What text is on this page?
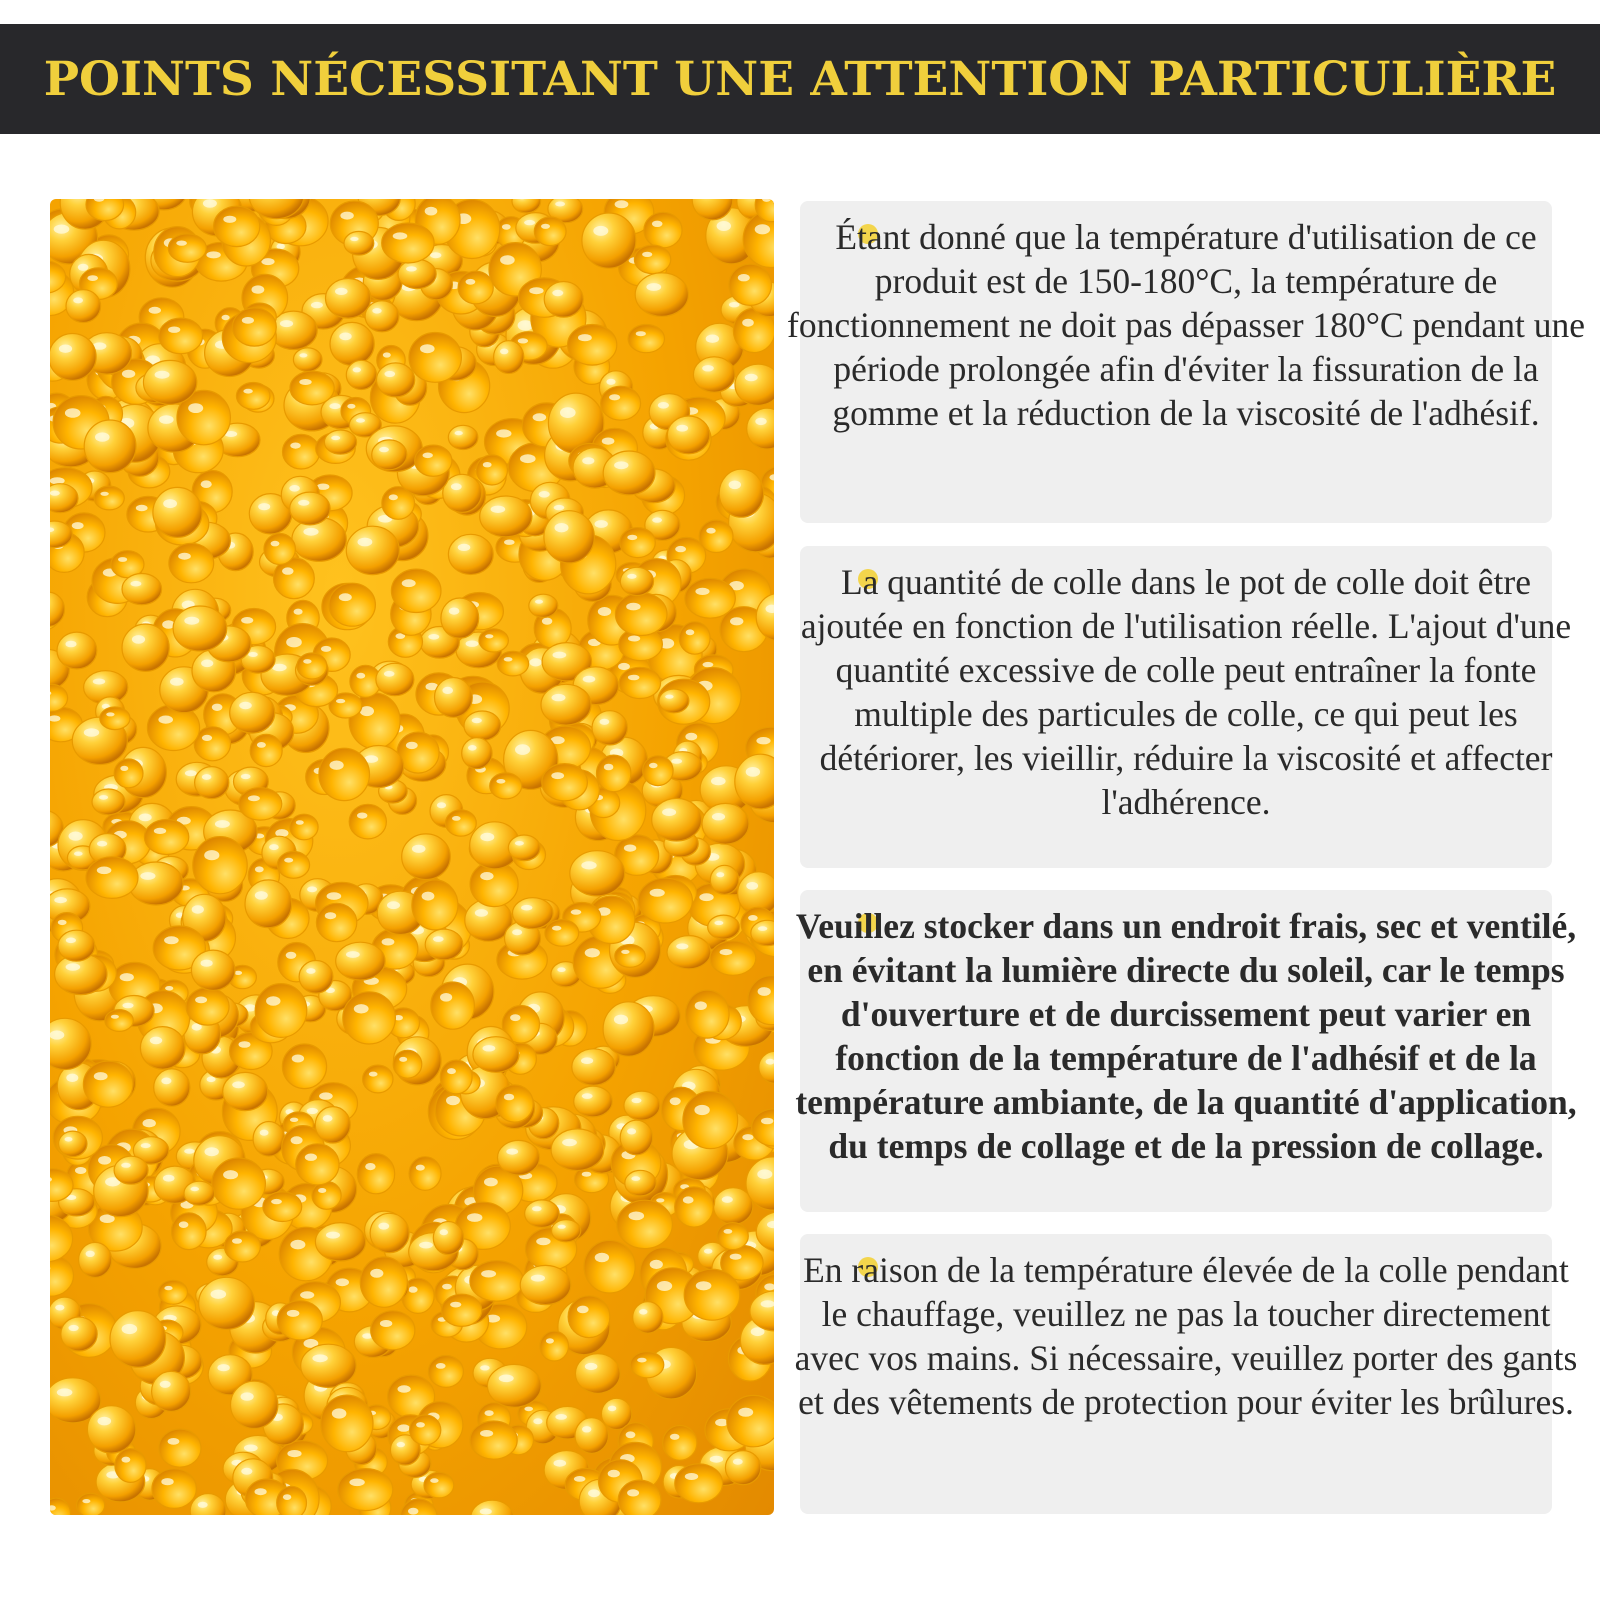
POINTS NÉCESSITANT UNE ATTENTION PARTICULIÈRE

Étant donné que la température d'utilisation de ce produit est de 150-180°C, la température de fonctionnement ne doit pas dépasser 180°C pendant une période prolongée afin d'éviter la fissuration de la gomme et la réduction de la viscosité de l'adhésif.

La quantité de colle dans le pot de colle doit être ajoutée en fonction de l'utilisation réelle. L'ajout d'une quantité excessive de colle peut entraîner la fonte multiple des particules de colle, ce qui peut les détériorer, les vieillir, réduire la viscosité et affecter l'adhérence.

Veuillez stocker dans un endroit frais, sec et ventilé, en évitant la lumière directe du soleil, car le temps d'ouverture et de durcissement peut varier en fonction de la température de l'adhésif et de la température ambiante, de la quantité d'application, du temps de collage et de la pression de collage.

En raison de la température élevée de la colle pendant le chauffage, veuillez ne pas la toucher directement avec vos mains. Si nécessaire, veuillez porter des gants et des vêtements de protection pour éviter les brûlures.
